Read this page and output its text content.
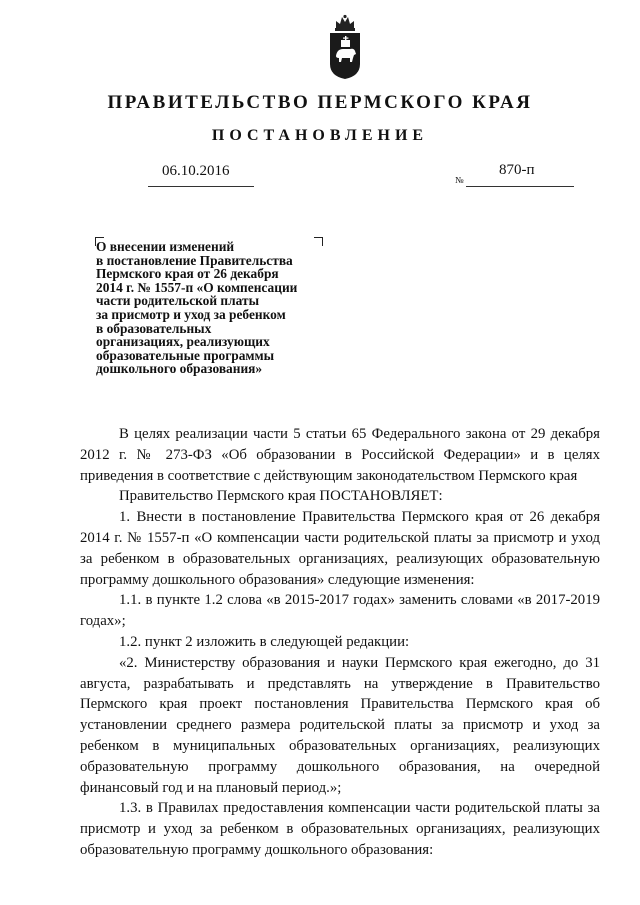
ПРАВИТЕЛЬСТВО ПЕРМСКОГО КРАЯ
ПОСТАНОВЛЕНИЕ
06.10.2016
№
870-п
О внесении изменений
в постановление Правительства
Пермского края от 26 декабря
2014 г. № 1557-п «О компенсации
части родительской платы
за присмотр и уход за ребенком
в образовательных
организациях, реализующих
образовательные программы
дошкольного образования»

В целях реализации части 5 статьи 65 Федерального закона от 29 декабря 2012 г. № 273-ФЗ «Об образовании в Российской Федерации» и в целях приведения в соответствие с действующим законодательством Пермского края

Правительство Пермского края ПОСТАНОВЛЯЕТ:

1. Внести в постановление Правительства Пермского края от 26 декабря 2014 г. № 1557-п «О компенсации части родительской платы за присмотр и уход за ребенком в образовательных организациях, реализующих образовательную программу дошкольного образования» следующие изменения:

1.1. в пункте 1.2 слова «в 2015-2017 годах» заменить словами «в 2017-2019 годах»;

1.2. пункт 2 изложить в следующей редакции:

«2. Министерству образования и науки Пермского края ежегодно, до 31 августа, разрабатывать и представлять на утверждение в Правительство Пермского края проект постановления Правительства Пермского края об установлении среднего размера родительской платы за присмотр и уход за ребенком в муниципальных образовательных организациях, реализующих образовательную программу дошкольного образования, на очередной финансовый год и на плановый период.»;

1.3. в Правилах предоставления компенсации части родительской платы за присмотр и уход за ребенком в образовательных организациях, реализующих образовательную программу дошкольного образования:
